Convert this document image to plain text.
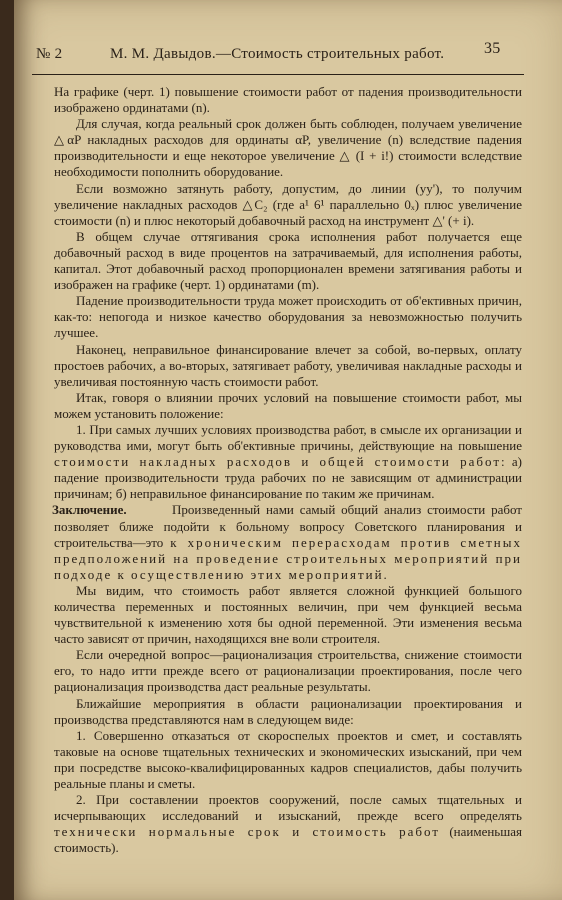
№ 2	М. М. Давыдов.—Стоимость строительных работ. 35

На графике (черт. 1) повышение стоимости работ от падения производительности изображено ординатами (n).

Для случая, когда реальный срок должен быть соблюден, получаем увеличение △αP накладных расходов для ординаты αP, увеличение (n) вследствие падения производительности и еще некоторое увеличение △ (I + i!) стоимости вследствие необходимости пополнить оборудование.

Если возможно затянуть работу, допустим, до линии (уу'), то получим увеличение накладных расходов △C₂ (где a¹ 6¹ параллельно 0ₓ) плюс увеличение стоимости (n) и плюс некоторый добавочный расход на инструмент △' (+ i).

В общем случае оттягивания срока исполнения работ получается еще добавочный расход в виде процентов на затрачиваемый, для исполнения работы, капитал. Этот добавочный расход пропорционален времени затягивания работы и изображен на графике (черт. 1) ординатами (m).

Падение производительности труда может происходить от об'ективных причин, как-то: непогода и низкое качество оборудования за невозможностью получить лучшее.

Наконец, неправильное финансирование влечет за собой, во-первых, оплату простоев рабочих, а во-вторых, затягивает работу, увеличивая накладные расходы и увеличивая постоянную часть стоимости работ.

Итак, говоря о влиянии прочих условий на повышение стоимости работ, мы можем установить положение:

1. При самых лучших условиях производства работ, в смысле их организации и руководства ими, могут быть об'ективные причины, действующие на повышение стоимости накладных расходов и общей стоимости работ: а) падение производительности труда рабочих по не зависящим от администрации причинам; б) неправильное финансирование по таким же причинам.

Заключение.	Произведенный нами самый общий анализ стоимости работ позволяет ближе подойти к больному вопросу Советского планирования и строительства—это к хроническим перерасходам против сметных предположений на проведение строительных мероприятий при подходе к осуществлению этих мероприятий.

Мы видим, что стоимость работ является сложной функцией большого количества переменных и постоянных величин, при чем функцией весьма чувствительной к изменению хотя бы одной переменной. Эти изменения весьма часто зависят от причин, находящихся вне воли строителя.

Если очередной вопрос—рационализация строительства, снижение стоимости его, то надо итти прежде всего от рационализации проектирования, после чего рационализация производства даст реальные результаты.

Ближайшие мероприятия в области рационализации проектирования и производства представляются нам в следующем виде:

1. Совершенно отказаться от скороспелых проектов и смет, и составлять таковые на основе тщательных технических и экономических изысканий, при чем при посредстве высоко-квалифицированных кадров специалистов, дабы получить реальные планы и сметы.

2. При составлении проектов сооружений, после самых тщательных и исчерпывающих исследований и изысканий, прежде всего определять технически нормальные срок и стоимость работ (наименьшая стоимость).
